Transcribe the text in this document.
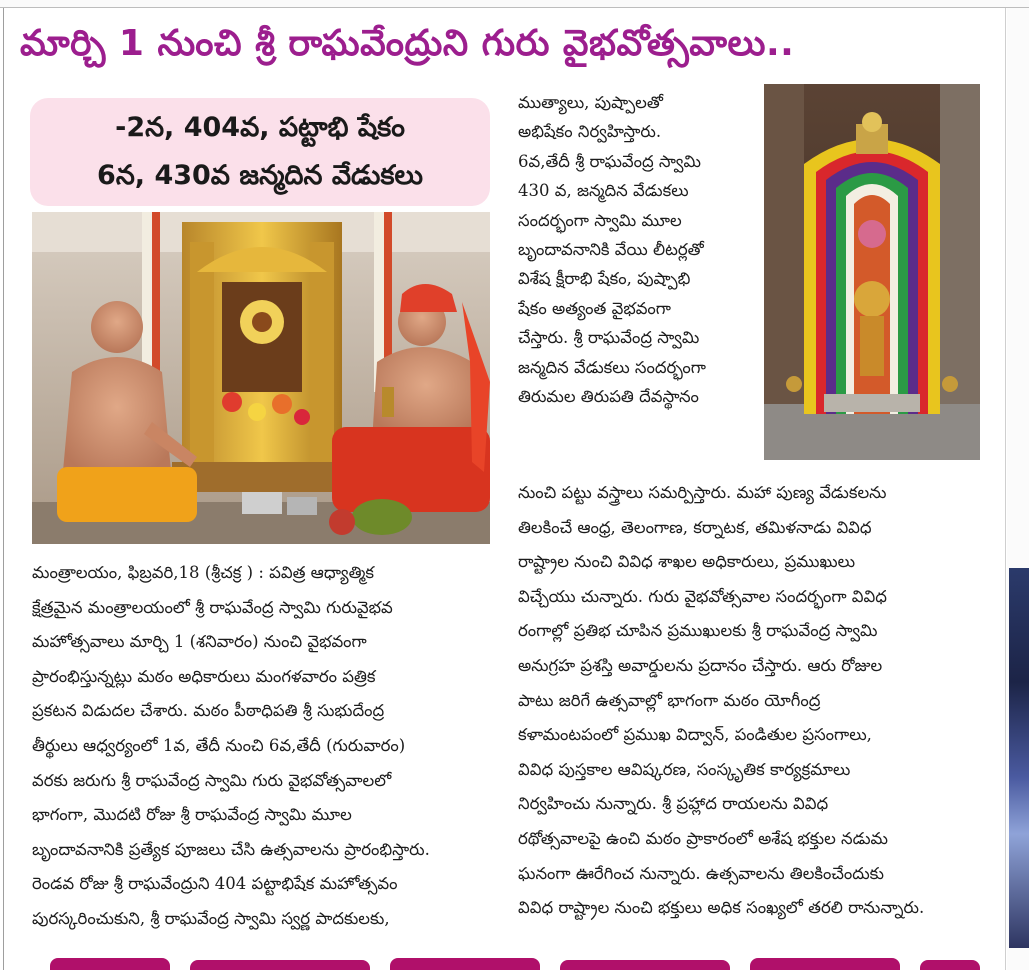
మార్చి 1 నుంచి శ్రీ రాఘవేంద్రుని గురు వైభవోత్సవాలు..
-2న, 404వ, పట్టాభి షేకం
6న, 430వ జన్మదిన వేడుకలు

మంత్రాలయం, ఫిబ్రవరి,18 (శ్రీచక్ర ) : పవిత్ర ఆధ్యాత్మిక

క్షేత్రమైన మంత్రాలయంలో శ్రీ రాఘవేంద్ర స్వామి గురువైభవ

మహోత్సవాలు మార్చి 1 (శనివారం) నుంచి వైభవంగా

ప్రారంభిస్తున్నట్లు మఠం అధికారులు మంగళవారం పత్రిక

ప్రకటన విడుదల చేశారు. మఠం పీఠాధిపతి శ్రీ సుభుదేంద్ర

తీర్థులు ఆధ్వర్యంలో 1వ, తేదీ నుంచి 6వ,తేదీ (గురువారం)

వరకు జరుగు శ్రీ రాఘవేంద్ర స్వామి గురు వైభవోత్సవాలలో

భాగంగా, మొదటి రోజు శ్రీ రాఘవేంద్ర స్వామి మూల

బృందావనానికి ప్రత్యేక పూజలు చేసి ఉత్సవాలను ప్రారంభిస్తారు.

రెండవ రోజు శ్రీ రాఘవేంద్రుని 404 పట్టాభిషేక మహోత్సవం

పురస్కరించుకుని, శ్రీ రాఘవేంద్ర స్వామి స్వర్ణ పాదకులకు,

ముత్యాలు, పుష్పాలతో

అభిషేకం నిర్వహిస్తారు.

6వ,తేదీ శ్రీ రాఘవేంద్ర స్వామి

430 వ, జన్మదిన వేడుకలు

సందర్భంగా స్వామి మూల

బృందావనానికి వేయి లీటర్లతో

విశేష క్షీరాభి షేకం, పుష్పాభి

షేకం అత్యంత వైభవంగా

చేస్తారు. శ్రీ రాఘవేంద్ర స్వామి

జన్మదిన వేడుకలు సందర్భంగా

తిరుమల తిరుపతి దేవస్థానం

నుంచి పట్టు వస్త్రాలు సమర్పిస్తారు. మహా పుణ్య వేడుకలను

తిలకించే ఆంధ్ర, తెలంగాణ, కర్నాటక, తమిళనాడు వివిధ

రాష్ట్రాల నుంచి వివిధ శాఖల అధికారులు, ప్రముఖులు

విచ్చేయు చున్నారు. గురు వైభవోత్సవాల సందర్భంగా వివిధ

రంగాల్లో ప్రతిభ చూపిన ప్రముఖులకు శ్రీ రాఘవేంద్ర స్వామి

అనుగ్రహ ప్రశస్తి అవార్డులను ప్రదానం చేస్తారు. ఆరు రోజుల

పాటు జరిగే ఉత్సవాల్లో భాగంగా మఠం యోగీంద్ర

కళామంటపంలో ప్రముఖ విద్వాన్, పండితుల ప్రసంగాలు,

వివిధ పుస్తకాల ఆవిష్కరణ, సంస్కృతిక కార్యక్రమాలు

నిర్వహించు నున్నారు. శ్రీ ప్రహ్లాద రాయలను వివిధ

రథోత్సవాలపై ఉంచి మఠం ప్రాకారంలో అశేష భక్తుల నడుమ

ఘనంగా ఊరేగించ నున్నారు. ఉత్సవాలను తిలకించేందుకు

వివిధ రాష్ట్రాల నుంచి భక్తులు అధిక సంఖ్యలో తరలి రానున్నారు.
